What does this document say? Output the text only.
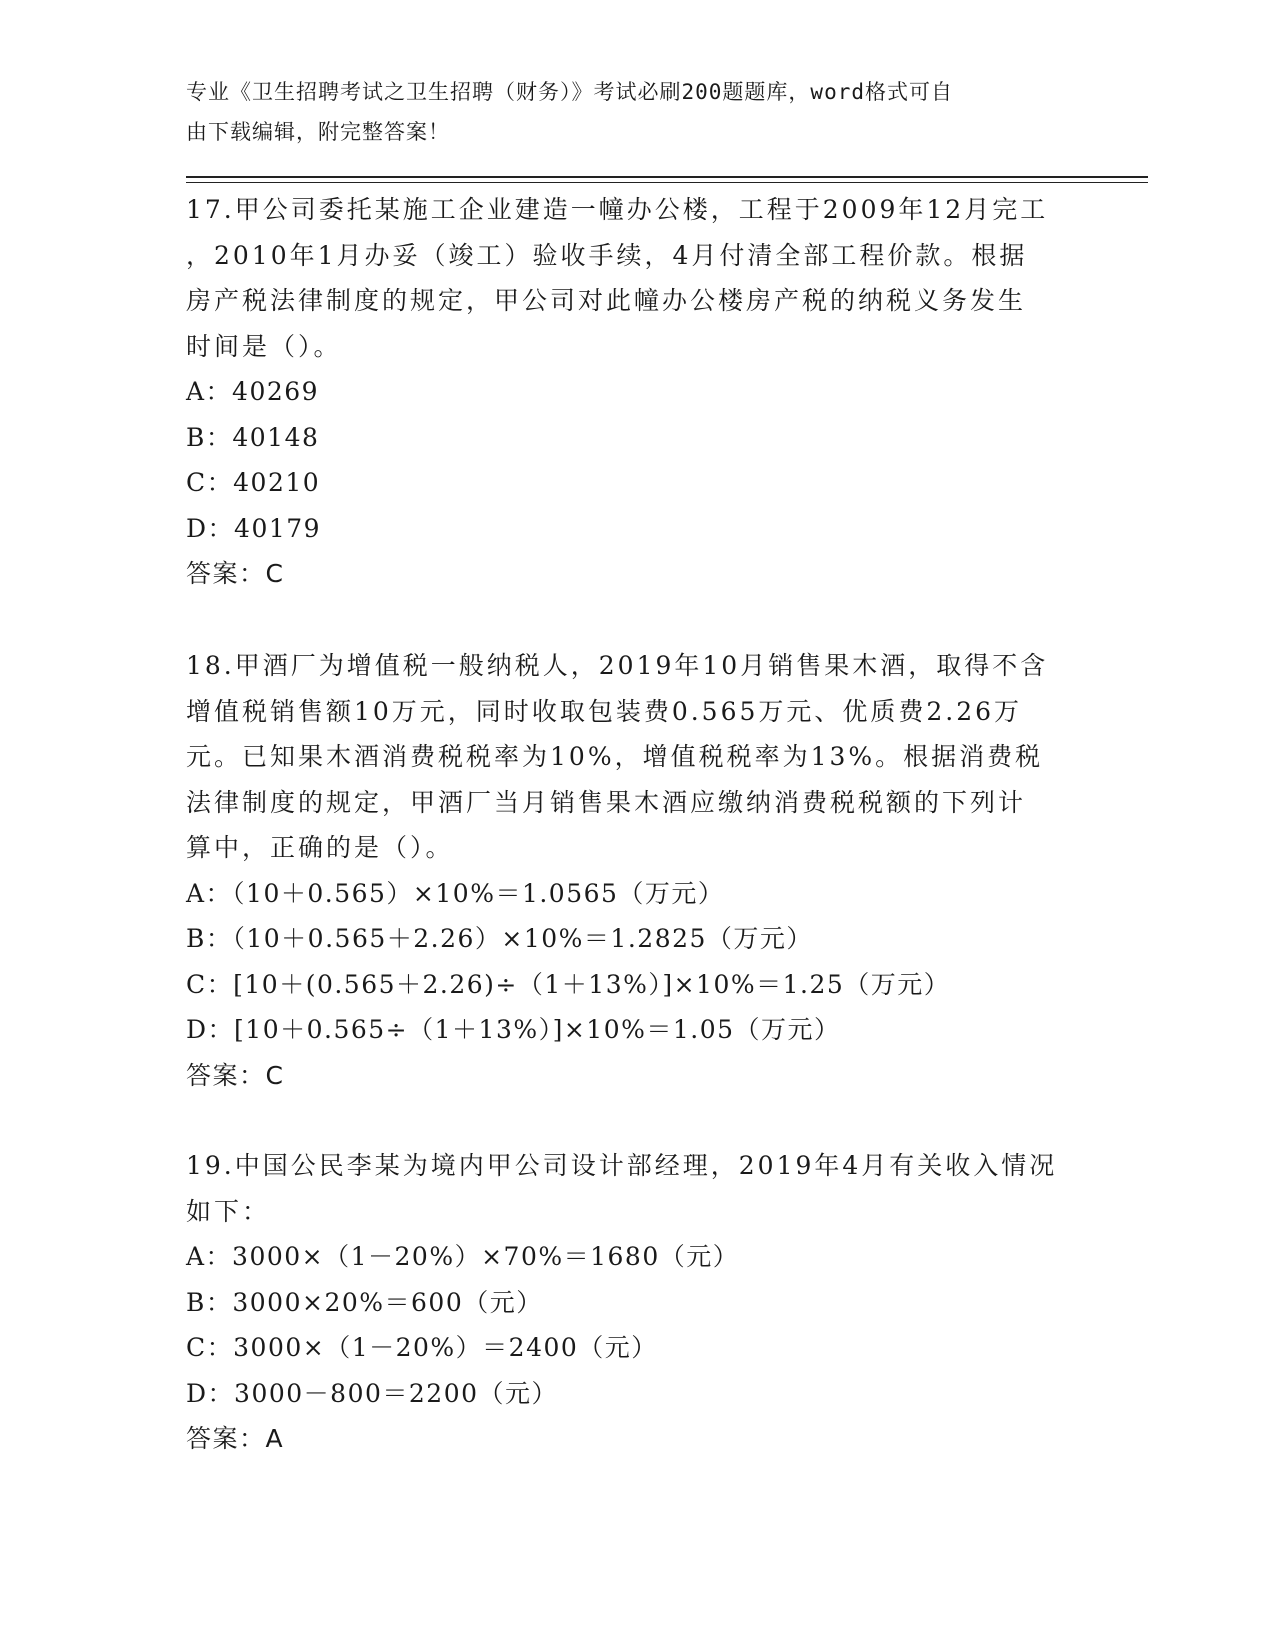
专业《卫生招聘考试之卫生招聘（财务）》考试必刷200题题库，word格式可自
由下载编辑，附完整答案！

17.甲公司委托某施工企业建造一幢办公楼，工程于2009年12月完工

，2010年1月办妥（竣工）验收手续，4月付清全部工程价款。根据

房产税法律制度的规定，甲公司对此幢办公楼房产税的纳税义务发生

时间是（）。

A：40269

B：40148

C：40210

D：40179

答案：C

18.甲酒厂为增值税一般纳税人，2019年10月销售果木酒，取得不含

增值税销售额10万元，同时收取包装费0.565万元、优质费2.26万

元。已知果木酒消费税税率为10%，增值税税率为13%。根据消费税

法律制度的规定，甲酒厂当月销售果木酒应缴纳消费税税额的下列计

算中，正确的是（）。

A：（10＋0.565）×10%＝1.0565（万元）

B：（10＋0.565＋2.26）×10%＝1.2825（万元）

C：[10＋(0.565＋2.26)÷（1＋13%）]×10%＝1.25（万元）

D：[10＋0.565÷（1＋13%）]×10%＝1.05（万元）

答案：C

19.中国公民李某为境内甲公司设计部经理，2019年4月有关收入情况

如下：

A：3000×（1－20%）×70%＝1680（元）

B：3000×20%＝600（元）

C：3000×（1－20%）＝2400（元）

D：3000－800＝2200（元）

答案：A
